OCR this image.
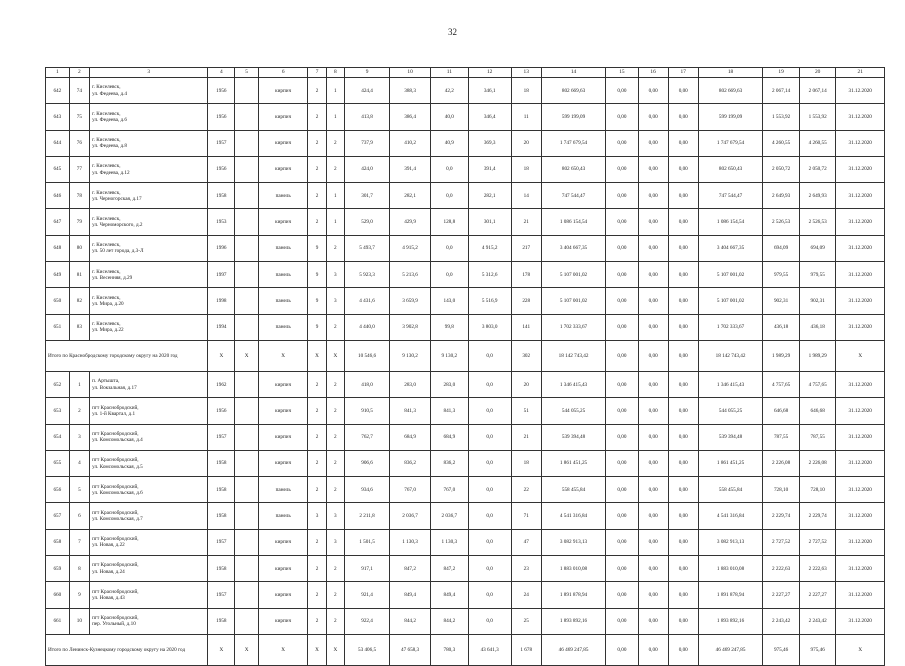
32
1	2	3	4	5	6	7	8	9	10	11	12	13	14	15	16	17	18	19	20	21
642	74	г. Киселевск,
ул. Федеева, д.4	1956		кирпич	2	1	424,4	388,3	42,2	346,1	18	802 669,63	0,00	0,00	0,00	802 669,63	2 067,14	2 067,14	31.12.2020
643	75	г. Киселевск,
ул. Федеева, д.6	1956		кирпич	2	1	413,8	386,4	40,0	346,4	11	599 199,09	0,00	0,00	0,00	599 199,09	1 553,92	1 553,92	31.12.2020
644	76	г. Киселевск,
ул. Федеева, д.8	1957		кирпич	2	2	737,9	410,2	40,9	369,3	20	1 747 679,54	0,00	0,00	0,00	1 747 679,54	4 260,55	4 260,55	31.12.2020
645	77	г. Киселевск,
ул. Федеева, д.12	1956		кирпич	2	2	424,0	391,4	0,0	391,4	18	802 650,43	0,00	0,00	0,00	802 650,43	2 050,72	2 050,72	31.12.2020
646	78	г. Киселевск,
ул. Черногорская, д.17	1958		панель	2	1	301,7	282,1	0,0	282,1	14	747 544,47	0,00	0,00	0,00	747 544,47	2 649,93	2 649,93	31.12.2020
647	79	г. Киселевск,
ул. Черноморского, д.2	1953		кирпич	2	1	529,0	429,9	128,8	301,1	21	1 086 154,54	0,00	0,00	0,00	1 086 154,54	2 526,53	2 526,53	31.12.2020
648	80	г. Киселевск,
ул. 50 лет города, д.3-Л	1996		панель	9	2	5 493,7	4 915,2	0,0	4 915,2	217	3 404 667,35	0,00	0,00	0,00	3 404 667,35	694,09	694,09	31.12.2020
649	81	г. Киселевск,
ул. Весенняя, д.29	1997		панель	9	3	5 923,3	5 213,6	0,0	5 312,6	178	5 107 001,02	0,00	0,00	0,00	5 107 001,02	979,55	979,55	31.12.2020
650	82	г. Киселевск,
ул. Мира, д.20	1998		панель	9	3	4 431,6	3 659,9	143,0	5 516,9	228	5 107 001,02	0,00	0,00	0,00	5 107 001,02	902,31	902,31	31.12.2020
651	83	г. Киселевск,
ул. Мира, д.22	1994		панель	9	2	4 440,0	3 902,8	99,8	3 803,0	141	1 702 333,67	0,00	0,00	0,00	1 702 333,67	436,18	436,18	31.12.2020
Итого по Краснобродскому городскому округу на 2020 год			Х	Х	Х	Х	Х	10 546,6	9 130,2	9 130,2	0,0	302	18 142 743,42	0,00	0,00	0,00	18 142 743,42	1 989,29	1 989,29	Х
652	1	п. Артышта,
ул. Вокзальная, д.17	1962		кирпич	2	2	418,0	283,0	283,0	0,0	20	1 346 415,43	0,00	0,00	0,00	1 346 415,43	4 757,65	4 757,65	31.12.2020
653	2	пгт Краснобродский,
ул. 1-й Квартал, д.1	1956		кирпич	2	2	910,5	841,3	841,3	0,0	51	544 055,25	0,00	0,00	0,00	544 055,25	646,68	646,68	31.12.2020
654	3	пгт Краснобродский,
ул. Комсомольская, д.4	1957		кирпич	2	2	762,7	684,9	684,9	0,0	21	539 394,48	0,00	0,00	0,00	539 394,48	787,55	787,55	31.12.2020
655	4	пгт Краснобродский,
ул. Комсомольская, д.5	1958		кирпич	2	2	906,6	836,2	836,2	0,0	18	1 861 451,25	0,00	0,00	0,00	1 861 451,25	2 226,08	2 226,08	31.12.2020
656	5	пгт Краснобродский,
ул. Комсомольская, д.6	1958		панель	2	2	934,6	767,0	767,0	0,0	22	558 455,84	0,00	0,00	0,00	558 455,84	728,10	728,10	31.12.2020
657	6	пгт Краснобродский,
ул. Комсомольская, д.7	1958		панель	3	3	2 211,8	2 036,7	2 036,7	0,0	71	4 541 316,84	0,00	0,00	0,00	4 541 316,84	2 229,74	2 229,74	31.12.2020
658	7	пгт Краснобродский,
ул. Новая, д.22	1957		кирпич	2	3	1 501,5	1 130,3	1 130,3	0,0	47	3 082 913,13	0,00	0,00	0,00	3 082 913,13	2 727,52	2 727,52	31.12.2020
659	8	пгт Краснобродский,
ул. Новая, д.24	1958		кирпич	2	2	917,1	847,2	847,2	0,0	23	1 883 010,08	0,00	0,00	0,00	1 883 010,08	2 222,63	2 222,63	31.12.2020
660	9	пгт Краснобродский,
ул. Новая, д.43	1957		кирпич	2	2	921,4	849,4	849,4	0,0	24	1 891 878,94	0,00	0,00	0,00	1 891 878,94	2 227,27	2 227,27	31.12.2020
661	10	пгт Краснобродский,
пер. Угольный, д.10	1958		кирпич	2	2	922,4	844,2	844,2	0,0	25	1 893 892,16	0,00	0,00	0,00	1 893 892,16	2 243,42	2 243,42	31.12.2020
Итого по Ленинск-Кузнецкому городскому округу на 2020 год			Х	Х	Х	Х	Х	53 406,5	47 658,3	780,3	43 641,3	1 678	46 469 247,85	0,00	0,00	0,00	46 469 247,85	975,46	975,46	Х
